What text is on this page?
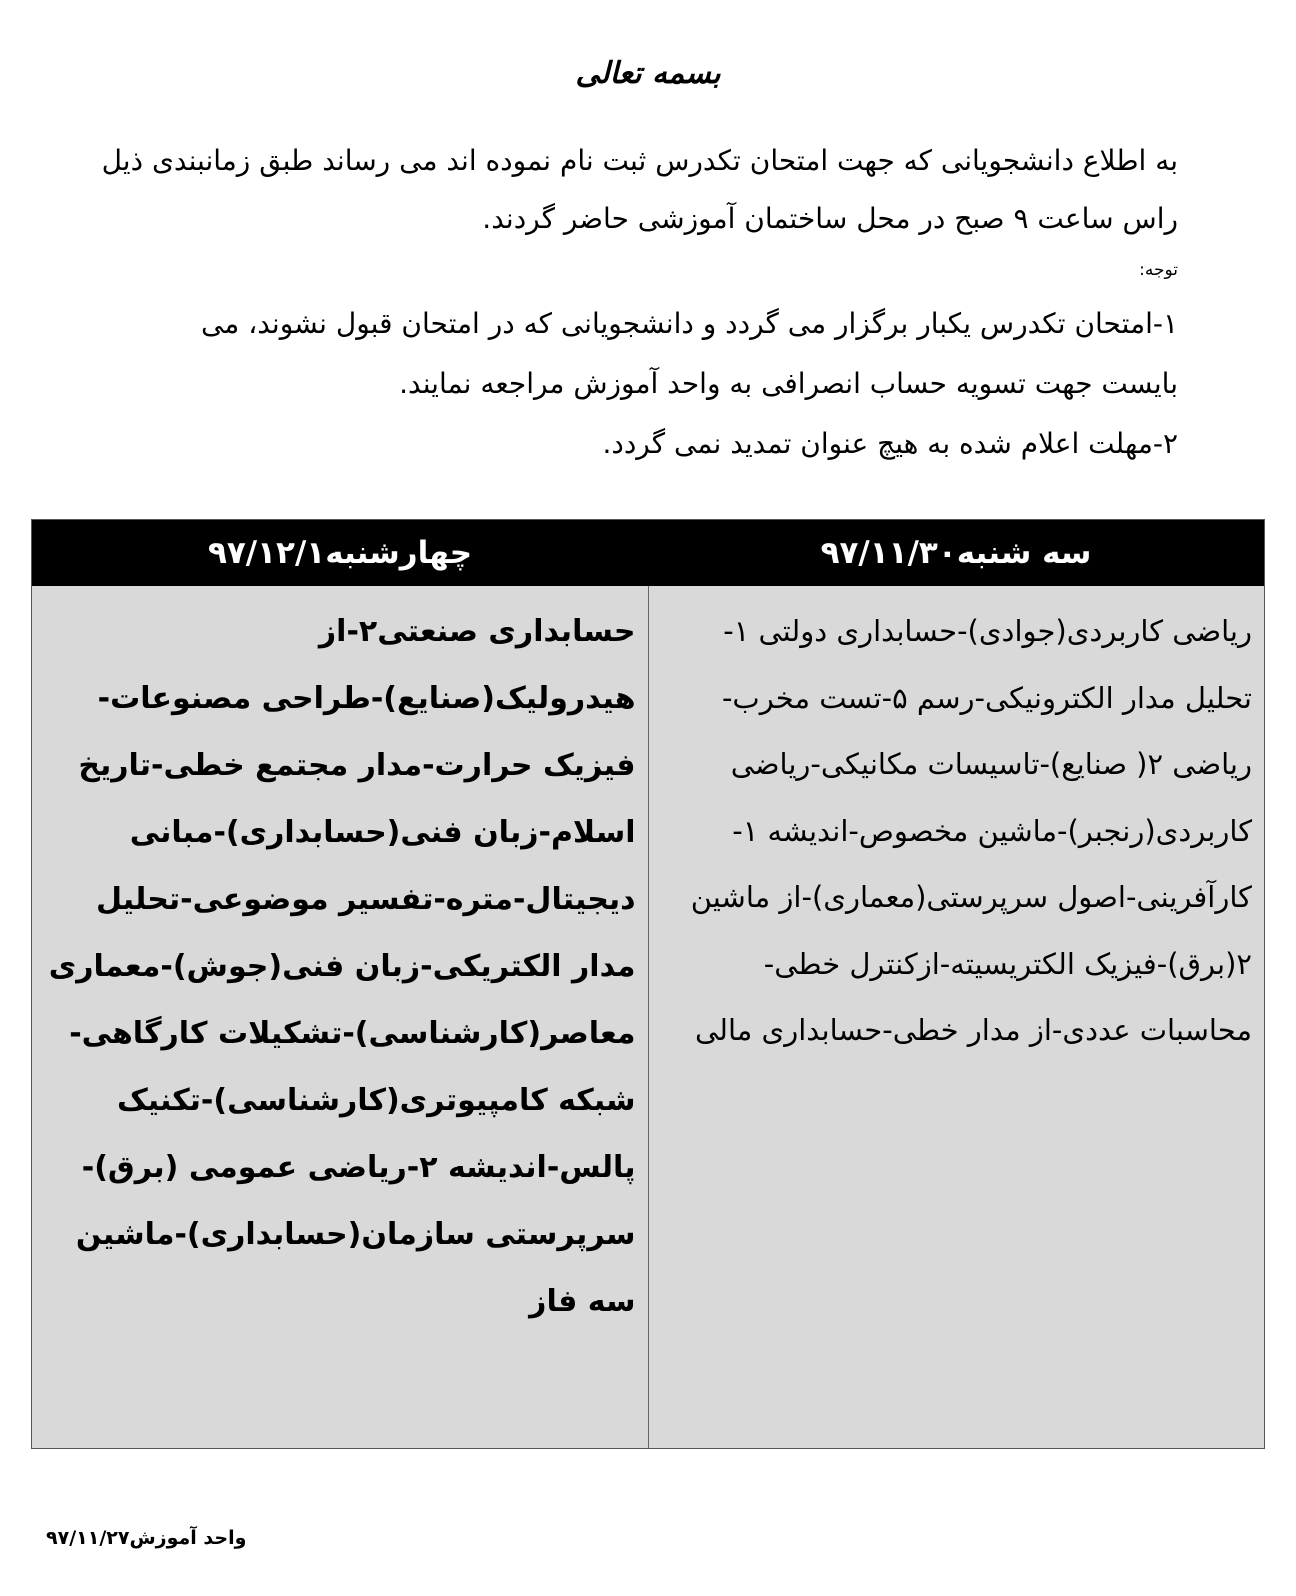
بسمه تعالی
به اطلاع دانشجویانی که جهت امتحان تکدرس ثبت نام نموده اند می رساند طبق زمانبندی ذیل راس ساعت ۹ صبح در محل ساختمان آموزشی حاضر گردند.
توجه:

۱-امتحان تکدرس یکبار برگزار می گردد و دانشجویانی که در امتحان قبول نشوند، می بایست جهت تسویه حساب انصرافی به واحد آموزش مراجعه نمایند.

۲-مهلت اعلام شده به هیچ عنوان تمدید نمی گردد.

سه شنبه۹۷/۱۱/۳۰
چهارشنبه۹۷/۱۲/۱
ریاضی کاربردی(جوادی)-حسابداری دولتی ۱-تحلیل مدار الکترونیکی-رسم ۵-تست مخرب-ریاضی ۲( صنایع)-تاسیسات مکانیکی-ریاضی کاربردی(رنجبر)-ماشین مخصوص-اندیشه ۱-کارآفرینی-اصول سرپرستی(معماری)-از ماشین ۲(برق)-فیزیک الکتریسیته-ازکنترل خطی-محاسبات عددی-از مدار خطی-حسابداری مالی
حسابداری صنعتی۲-از هیدرولیک(صنایع)-طراحی مصنوعات-فیزیک حرارت-مدار مجتمع خطی-تاریخ اسلام-زبان فنی(حسابداری)-مبانی دیجیتال-متره-تفسیر موضوعی-تحلیل مدار الکتریکی-زبان فنی(جوش)-معماری معاصر(کارشناسی)-تشکیلات کارگاهی-شبکه کامپیوتری(کارشناسی)-تکنیک پالس-اندیشه ۲-ریاضی عمومی (برق)-سرپرستی سازمان(حسابداری)-ماشین سه فاز
واحد آموزش۹۷/۱۱/۲۷
